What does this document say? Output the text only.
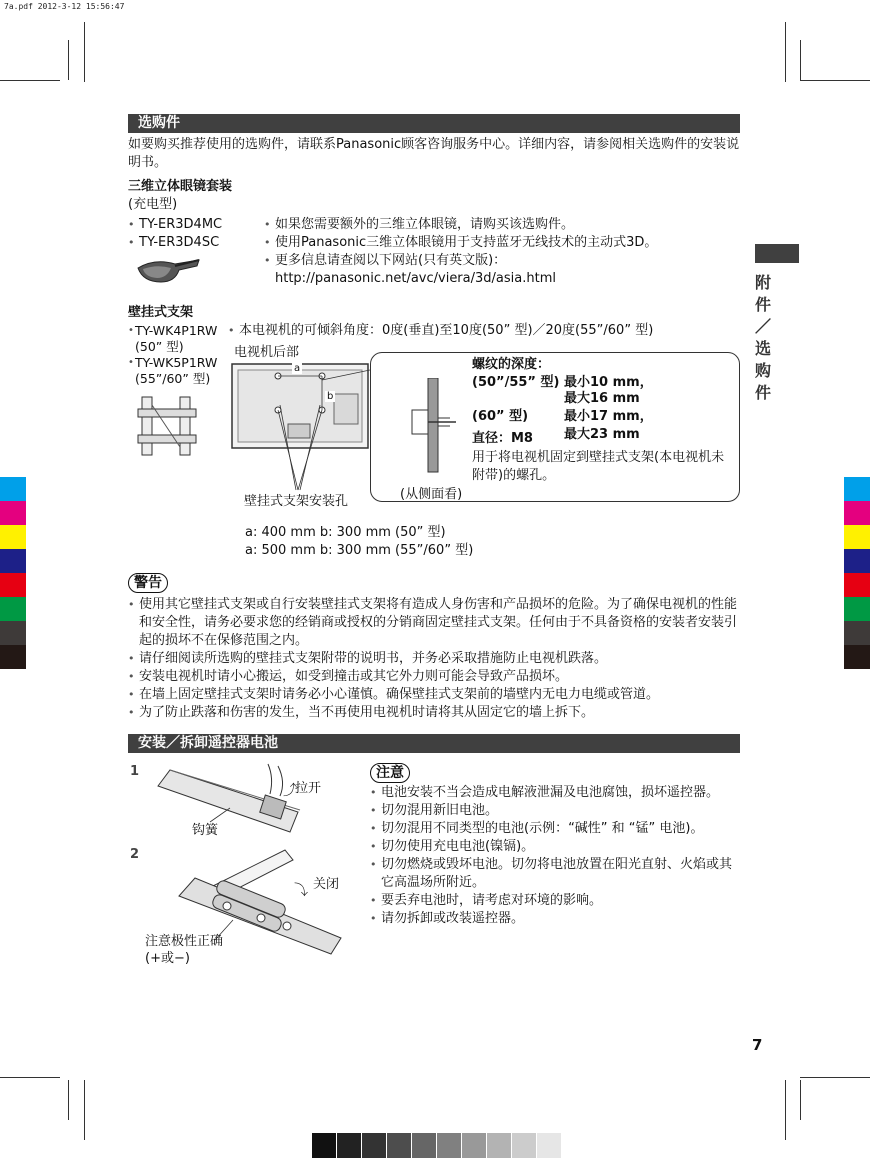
7a.pdf 2012-3-12 15:56:47
附
件
／
选
购
件
选购件
如要购买推荐使用的选购件，请联系Panasonic顾客咨询服务中心。详细内容，请参阅相关选购件的安装说明书。
三维立体眼镜套装
(充电型)
• TY-ER3D4MC
• TY-ER3D4SC
• 如果您需要额外的三维立体眼镜，请购买该选购件。
• 使用Panasonic三维立体眼镜用于支持蓝牙无线技术的主动式3D。
• 更多信息请查阅以下网站(只有英文版)：
http://panasonic.net/avc/viera/3d/asia.html
壁挂式支架
• TY-WK4P1RW
(50” 型)
• TY-WK5P1RW
(55”/60” 型)
• 本电视机的可倾斜角度：0度(垂直)至10度(50” 型)／20度(55”/60” 型)
电视机后部
a
b
壁挂式支架安装孔
螺纹的深度：
(50”/55” 型) 最小10 mm，
最大16 mm
(60” 型)	最小17 mm，
最大23 mm
直径：M8
用于将电视机固定到壁挂式支架(本电视机未附带)的螺孔。
(从侧面看)
a: 400 mm b: 300 mm (50” 型)
a: 500 mm b: 300 mm (55”/60” 型)
警告
• 使用其它壁挂式支架或自行安装壁挂式支架将有造成人身伤害和产品损坏的危险。为了确保电视机的性能和安全性，请务必要求您的经销商或授权的分销商固定壁挂式支架。任何由于不具备资格的安装者安装引起的损坏不在保修范围之内。
• 请仔细阅读所选购的壁挂式支架附带的说明书，并务必采取措施防止电视机跌落。
• 安装电视机时请小心搬运，如受到撞击或其它外力则可能会导致产品损坏。
• 在墙上固定壁挂式支架时请务必小心谨慎。确保壁挂式支架前的墙壁内无电力电缆或管道。
• 为了防止跌落和伤害的发生，当不再使用电视机时请将其从固定它的墙上拆下。
安装／拆卸遥控器电池
1
2
⤴
拉开
钩簧
⤵ 关闭
注意极性正确
(+或−)
注意
• 电池安装不当会造成电解液泄漏及电池腐蚀，损坏遥控器。
• 切勿混用新旧电池。
• 切勿混用不同类型的电池(示例：“碱性” 和 “锰” 电池)。
• 切勿使用充电电池(镍镉)。
• 切勿燃烧或毁坏电池。切勿将电池放置在阳光直射、火焰或其它高温场所附近。
• 要丢弃电池时，请考虑对环境的影响。
• 请勿拆卸或改装遥控器。
7
